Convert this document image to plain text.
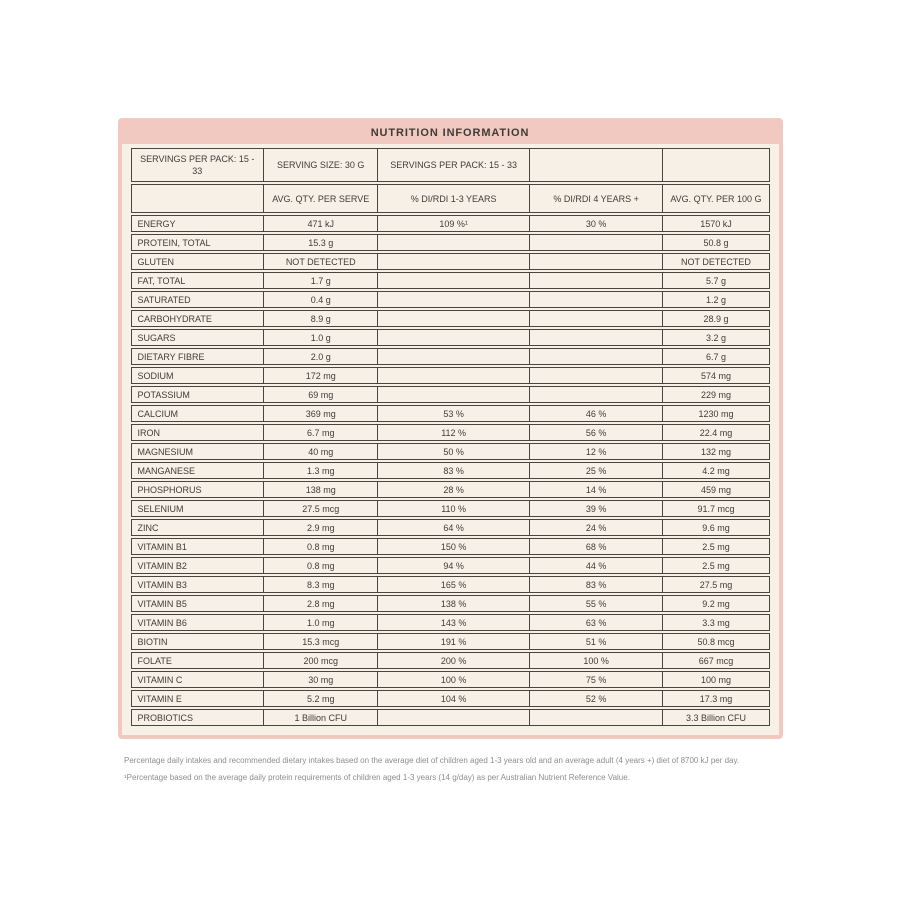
NUTRITION INFORMATION
SERVINGS PER PACK: 15 - 33	SERVING SIZE: 30 G	SERVINGS PER PACK: 15 - 33		
	AVG. QTY. PER SERVE	% DI/RDI 1-3 YEARS	% DI/RDI 4 YEARS +	AVG. QTY. PER 100 G
ENERGY	471 kJ	109 %¹	30 %	1570 kJ
PROTEIN, TOTAL	15.3 g			50.8 g
GLUTEN	NOT DETECTED			NOT DETECTED
FAT, TOTAL	1.7 g			5.7 g
SATURATED	0.4 g			1.2 g
CARBOHYDRATE	8.9 g			28.9 g
SUGARS	1.0 g			3.2 g
DIETARY FIBRE	2.0 g			6.7 g
SODIUM	172 mg			574 mg
POTASSIUM	69 mg			229 mg
CALCIUM	369 mg	53 %	46 %	1230 mg
IRON	6.7 mg	112 %	56 %	22.4 mg
MAGNESIUM	40 mg	50 %	12 %	132 mg
MANGANESE	1.3 mg	83 %	25 %	4.2 mg
PHOSPHORUS	138 mg	28 %	14 %	459 mg
SELENIUM	27.5 mcg	110 %	39 %	91.7 mcg
ZINC	2.9 mg	64 %	24 %	9.6 mg
VITAMIN B1	0.8 mg	150 %	68 %	2.5 mg
VITAMIN B2	0.8 mg	94 %	44 %	2.5 mg
VITAMIN B3	8.3 mg	165 %	83 %	27.5 mg
VITAMIN B5	2.8 mg	138 %	55 %	9.2 mg
VITAMIN B6	1.0 mg	143 %	63 %	3.3 mg
BIOTIN	15.3 mcg	191 %	51 %	50.8 mcg
FOLATE	200 mcg	200 %	100 %	667 mcg
VITAMIN C	30 mg	100 %	75 %	100 mg
VITAMIN E	5.2 mg	104 %	52 %	17.3 mg
PROBIOTICS	1 Billion CFU			3.3 Billion CFU

Percentage daily intakes and recommended dietary intakes based on the average diet of children aged 1-3 years old and an average adult (4 years +) diet of 8700 kJ per day. ¹Percentage based on the average daily protein requirements of children aged 1-3 years (14 g/day) as per Australian Nutrient Reference Value.
